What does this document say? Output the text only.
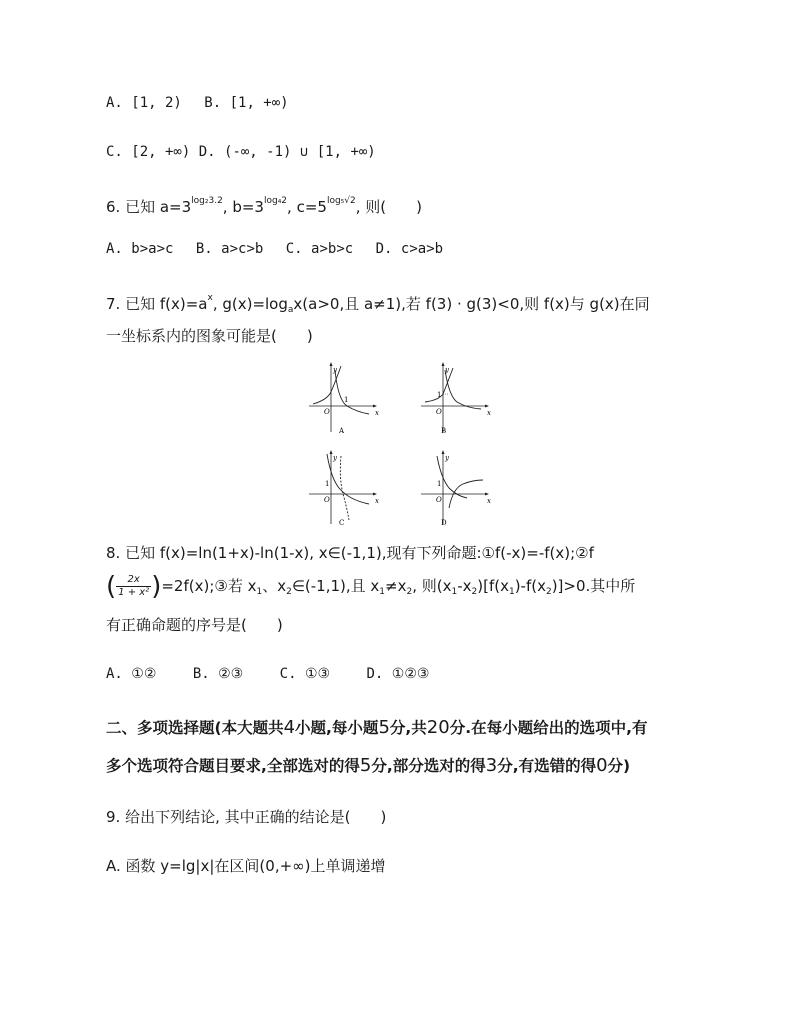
A. [1, 2) B. [1, +∞)
C. [2, +∞) D. (-∞, -1) ∪ [1, +∞)
6. 已知 $a=3^{log_23.2}$, $b=3^{log_42}$, $c=5^{log_5√2}$, 则(　　)
A. b>a>c B. a>c>b C. a>b>c D. c>a>b
7. 已知 $f(x)=a^x$, $g(x)=\log_ax(a>0$,且 a≠1),若 f(3) · g(3)<0,则 f(x)与 g(x)在同
一坐标系内的图象可能是(　　)
y
x
O
1
A
y
x
O
1
B
y
x
O
1
C
y
x
O
1
D
8. 已知 f(x)=ln(1+x)-ln(1-x), x∈(-1,1),现有下列命题:①f(-x)=-f(x);②f
( $\frac{2x}{\text{1 + x²}}$ )=2f(x);③若 $x_1$、$x_2\in(-1,1)$,且 $x_1\ne x_2$, 则$(x_1-x_2)[f(x_1)-f(x_2)]>0$.其中所
有正确命题的序号是(　　)
A. ①②	B. ②③	C. ①③	D. ①②③
二、多项选择题(本大题共4小题,每小题5分,共20分.在每小题给出的选项中,有
多个选项符合题目要求,全部选对的得5分,部分选对的得3分,有选错的得0分)
9. 给出下列结论, 其中正确的结论是(　　)
A. 函数 y=lg|x|在区间(0,+∞)上单调递增
